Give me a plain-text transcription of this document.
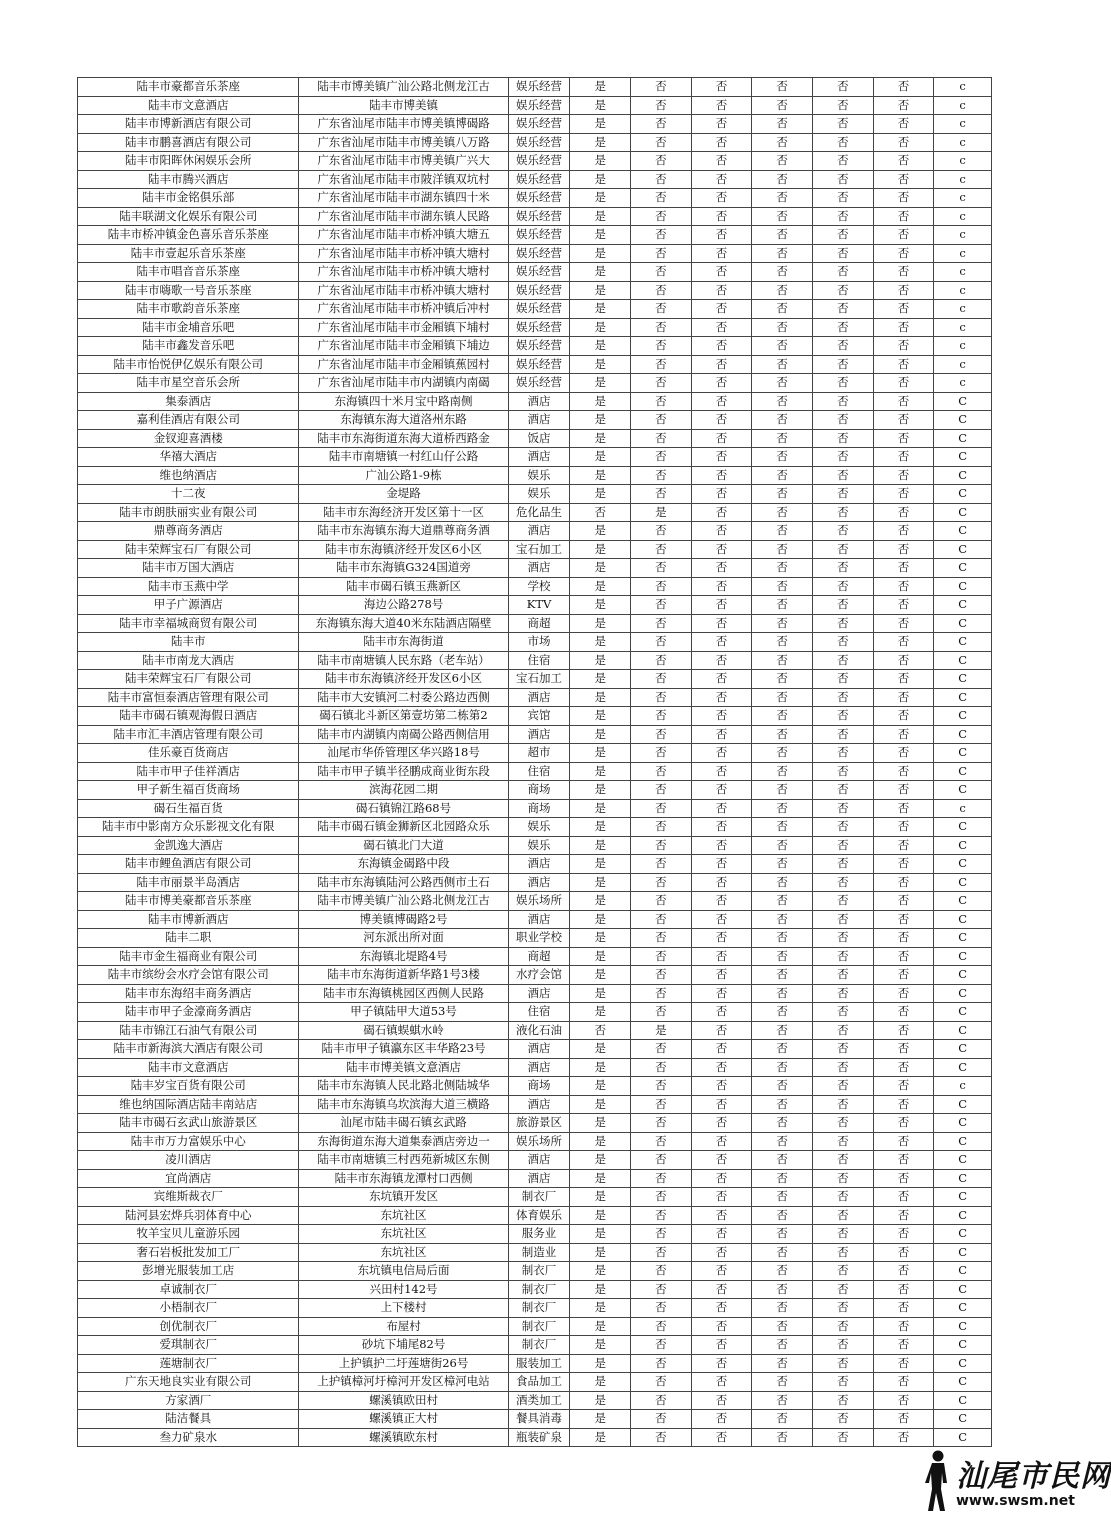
陆丰市豪都音乐茶座	陆丰市博美镇广汕公路北侧龙江古	娱乐经营	是	否	否	否	否	否	c
陆丰市文意酒店	陆丰市博美镇	娱乐经营	是	否	否	否	否	否	c
陆丰市博新酒店有限公司	广东省汕尾市陆丰市博美镇博碣路	娱乐经营	是	否	否	否	否	否	c
陆丰市鹏喜酒店有限公司	广东省汕尾市陆丰市博美镇八万路	娱乐经营	是	否	否	否	否	否	c
陆丰市阳晖休闲娱乐会所	广东省汕尾市陆丰市博美镇广兴大	娱乐经营	是	否	否	否	否	否	c
陆丰市腾兴酒店	广东省汕尾市陆丰市陂洋镇双坑村	娱乐经营	是	否	否	否	否	否	c
陆丰市金铭俱乐部	广东省汕尾市陆丰市湖东镇四十米	娱乐经营	是	否	否	否	否	否	c
陆丰联湖文化娱乐有限公司	广东省汕尾市陆丰市湖东镇人民路	娱乐经营	是	否	否	否	否	否	c
陆丰市桥冲镇金色喜乐音乐茶座	广东省汕尾市陆丰市桥冲镇大塘五	娱乐经营	是	否	否	否	否	否	c
陆丰市壹起乐音乐茶座	广东省汕尾市陆丰市桥冲镇大塘村	娱乐经营	是	否	否	否	否	否	c
陆丰市唱音音乐茶座	广东省汕尾市陆丰市桥冲镇大塘村	娱乐经营	是	否	否	否	否	否	c
陆丰市嗨歌一号音乐茶座	广东省汕尾市陆丰市桥冲镇大塘村	娱乐经营	是	否	否	否	否	否	c
陆丰市歌韵音乐茶座	广东省汕尾市陆丰市桥冲镇后冲村	娱乐经营	是	否	否	否	否	否	c
陆丰市金埔音乐吧	广东省汕尾市陆丰市金厢镇下埔村	娱乐经营	是	否	否	否	否	否	c
陆丰市鑫发音乐吧	广东省汕尾市陆丰市金厢镇下埔边	娱乐经营	是	否	否	否	否	否	c
陆丰市怡悦伊亿娱乐有限公司	广东省汕尾市陆丰市金厢镇蕉园村	娱乐经营	是	否	否	否	否	否	c
陆丰市星空音乐会所	广东省汕尾市陆丰市内湖镇内南碣	娱乐经营	是	否	否	否	否	否	c
集泰酒店	东海镇四十米月宝中路南侧	酒店	是	否	否	否	否	否	C
嘉利佳酒店有限公司	东海镇东海大道洛州东路	酒店	是	否	否	否	否	否	C
金钗迎喜酒楼	陆丰市东海街道东海大道桥西路金	饭店	是	否	否	否	否	否	C
华禧大酒店	陆丰市南塘镇一村红山仔公路	酒店	是	否	否	否	否	否	C
维也纳酒店	广汕公路1-9栋	娱乐	是	否	否	否	否	否	C
十二夜	金堤路	娱乐	是	否	否	否	否	否	C
陆丰市朗肤丽实业有限公司	陆丰市东海经济开发区第十一区	危化品生	否	是	否	否	否	否	C
鼎尊商务酒店	陆丰市东海镇东海大道鼎尊商务酒	酒店	是	否	否	否	否	否	C
陆丰荣辉宝石厂有限公司	陆丰市东海镇济经开发区6小区	宝石加工	是	否	否	否	否	否	C
陆丰市万国大酒店	陆丰市东海镇G324国道旁	酒店	是	否	否	否	否	否	C
陆丰市玉燕中学	陆丰市碣石镇玉燕新区	学校	是	否	否	否	否	否	C
甲子广源酒店	海边公路278号	KTV	是	否	否	否	否	否	C
陆丰市幸福城商贸有限公司	东海镇东海大道40米东陆酒店隔壁	商超	是	否	否	否	否	否	C
陆丰市	陆丰市东海街道	市场	是	否	否	否	否	否	C
陆丰市南龙大酒店	陆丰市南塘镇人民东路（老车站）	住宿	是	否	否	否	否	否	C
陆丰荣辉宝石厂有限公司	陆丰市东海镇济经开发区6小区	宝石加工	是	否	否	否	否	否	C
陆丰市富恒泰酒店管理有限公司	陆丰市大安镇河二村委公路边西侧	酒店	是	否	否	否	否	否	C
陆丰市碣石镇观海假日酒店	碣石镇北斗新区第壹坊第二栋第2	宾馆	是	否	否	否	否	否	C
陆丰市汇丰酒店管理有限公司	陆丰市内湖镇内南碣公路西侧信用	酒店	是	否	否	否	否	否	C
佳乐豪百货商店	汕尾市华侨管理区华兴路18号	超市	是	否	否	否	否	否	C
陆丰市甲子佳祥酒店	陆丰市甲子镇半径鹏成商业街东段	住宿	是	否	否	否	否	否	C
甲子新生福百货商场	滨海花园二期	商场	是	否	否	否	否	否	C
碣石生福百货	碣石镇锦江路68号	商场	是	否	否	否	否	否	c
陆丰市中影南方众乐影视文化有限	陆丰市碣石镇金狮新区北园路众乐	娱乐	是	否	否	否	否	否	C
金凯逸大酒店	碣石镇北门大道	娱乐	是	否	否	否	否	否	C
陆丰市鲤鱼酒店有限公司	东海镇金碣路中段	酒店	是	否	否	否	否	否	C
陆丰市丽景半岛酒店	陆丰市东海镇陆河公路西侧市土石	酒店	是	否	否	否	否	否	C
陆丰市博美豪都音乐茶座	陆丰市博美镇广汕公路北侧龙江古	娱乐场所	是	否	否	否	否	否	C
陆丰市博新酒店	博美镇博碣路2号	酒店	是	否	否	否	否	否	C
陆丰二职	河东派出所对面	职业学校	是	否	否	否	否	否	C
陆丰市金生福商业有限公司	东海镇北堤路4号	商超	是	否	否	否	否	否	C
陆丰市缤纷会水疗会馆有限公司	陆丰市东海街道新华路1号3楼	水疗会馆	是	否	否	否	否	否	C
陆丰市东海绍丰商务酒店	陆丰市东海镇桃园区西侧人民路	酒店	是	否	否	否	否	否	C
陆丰市甲子金濠商务酒店	甲子镇陆甲大道53号	住宿	是	否	否	否	否	否	C
陆丰市锦江石油气有限公司	碣石镇蜈蜞水岭	液化石油	否	是	否	否	否	否	C
陆丰市新海滨大酒店有限公司	陆丰市甲子镇瀛东区丰华路23号	酒店	是	否	否	否	否	否	C
陆丰市文意酒店	陆丰市博美镇文意酒店	酒店	是	否	否	否	否	否	C
陆丰岁宝百货有限公司	陆丰市东海镇人民北路北侧陆城华	商场	是	否	否	否	否	否	c
维也纳国际酒店陆丰南站店	陆丰市东海镇乌坎滨海大道三横路	酒店	是	否	否	否	否	否	C
陆丰市碣石玄武山旅游景区	汕尾市陆丰碣石镇玄武路	旅游景区	是	否	否	否	否	否	C
陆丰市万力富娱乐中心	东海街道东海大道集泰酒店旁边一	娱乐场所	是	否	否	否	否	否	C
凌川酒店	陆丰市南塘镇三村西苑新城区东侧	酒店	是	否	否	否	否	否	C
宜尚酒店	陆丰市东海镇龙潭村口西侧	酒店	是	否	否	否	否	否	C
宾维斯裁衣厂	东坑镇开发区	制衣厂	是	否	否	否	否	否	C
陆河县宏烨兵羽体育中心	东坑社区	体育娱乐	是	否	否	否	否	否	C
牧羊宝贝儿童游乐园	东坑社区	服务业	是	否	否	否	否	否	C
奢石岩板批发加工厂	东坑社区	制造业	是	否	否	否	否	否	C
彭增光服装加工店	东坑镇电信局后面	制衣厂	是	否	否	否	否	否	C
卓诚制衣厂	兴田村142号	制衣厂	是	否	否	否	否	否	C
小梧制衣厂	上下楼村	制衣厂	是	否	否	否	否	否	C
创优制衣厂	布屋村	制衣厂	是	否	否	否	否	否	C
爱琪制衣厂	砂坑下埔尾82号	制衣厂	是	否	否	否	否	否	C
莲塘制衣厂	上护镇护二圩莲塘街26号	服装加工	是	否	否	否	否	否	C
广东天地良实业有限公司	上护镇樟河圩樟河开发区樟河电站	食品加工	是	否	否	否	否	否	C
方家酒厂	螺溪镇欧田村	酒类加工	是	否	否	否	否	否	C
陆洁餐具	螺溪镇正大村	餐具消毒	是	否	否	否	否	否	C
叁力矿泉水	螺溪镇欧东村	瓶装矿泉	是	否	否	否	否	否	C
汕尾市民网
www.swsm.net
